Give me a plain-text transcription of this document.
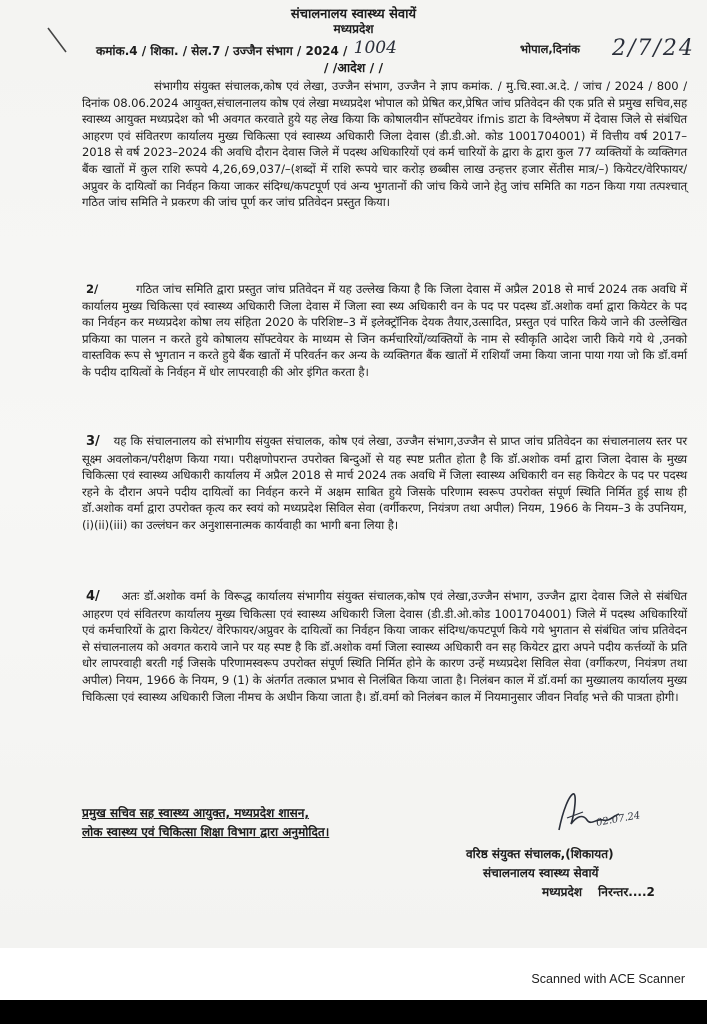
संचालनालय स्वास्थ्य सेवायें
मध्यप्रदेश
कमांक.4 / शिका. / सेल.7 / उज्जैन संभाग / 2024 / 1004	भोपाल,दिनांक 2/7/24
/ /आदेश / /
संभागीय संयुक्त संचालक,कोष एवं लेखा, उज्जैन संभाग, उज्जैन ने ज्ञाप कमांक. / मु.चि.स्वा.अ.दे. / जांच / 2024 / 800 / दिनांक 08.06.2024 आयुक्त,संचालनालय कोष एवं लेखा मध्यप्रदेश भोपाल को प्रेषित कर,प्रेषित जांच प्रतिवेदन की एक प्रति से प्रमुख सचिव,सह स्वास्थ्य आयुक्त मध्यप्रदेश को भी अवगत करवाते हुये यह लेख किया कि कोषालयीन सॉफ्टवेयर ifmis डाटा के विश्लेषण में देवास जिले से संबंधित आहरण एवं संवितरण कार्यालय मुख्य चिकित्सा एवं स्वास्थ्य अधिकारी जिला देवास (डी.डी.ओ. कोड 1001704001) में वित्तीय वर्ष 2017–2018 से वर्ष 2023–2024 की अवधि दौरान देवास जिले में पदस्थ अधिकारियों एवं कर्म चारियों के द्वारा के द्वारा कुल 77 व्यक्तियों के व्यक्तिगत बैंक खातों में कुल राशि रूपये 4,26,69,037/–(शब्दों में राशि रूपये चार करोड़ छब्बीस लाख उन्हत्तर हजार सेंतीस मात्र/–) कियेटर/वेरिफायर/अप्रुवर के दायित्वों का निर्वहन किया जाकर संदिग्ध/कपटपूर्ण एवं अन्य भुगतानों की जांच किये जाने हेतु जांच समिति का गठन किया गया तत्पश्चात् गठित जांच समिति ने प्रकरण की जांच पूर्ण कर जांच प्रतिवेदन प्रस्तुत किया।
2/	गठित जांच समिति द्वारा प्रस्तुत जांच प्रतिवेदन में यह उल्लेख किया है कि जिला देवास में अप्रैल 2018 से मार्च 2024 तक अवधि में कार्यालय मुख्य चिकित्सा एवं स्वास्थ्य अधिकारी जिला देवास में जिला स्वा स्थ्य अधिकारी वन के पद पर पदस्थ डॉ.अशोक वर्मा द्वारा कियेटर के पद का निर्वहन कर मध्यप्रदेश कोषा लय संहिता 2020 के परिशिष्ट–3 में इलेक्ट्रॉनिक देयक तैयार,उत्सादित, प्रस्तुत एवं पारित किये जाने की उल्लेखित प्रकिया का पालन न करते हुये कोषालय सॉफ्टवेयर के माध्यम से जिन कर्मचारियों/व्यक्तियों के नाम से स्वीकृति आदेश जारी किये गये थे ,उनको वास्तविक रूप से भुगतान न करते हुये बैंक खातों में परिवर्तन कर अन्य के व्यक्तिगत बैंक खातों में राशियाँ जमा किया जाना पाया गया जो कि डॉ.वर्मा के पदीय दायित्वों के निर्वहन में धोर लापरवाही की ओर इंगित करता है।
3/ यह कि संचालनालय को संभागीय संयुक्त संचालक, कोष एवं लेखा, उज्जैन संभाग,उज्जैन से प्राप्त जांच प्रतिवेदन का संचालनालय स्तर पर सूक्ष्म अवलोकन/परीक्षण किया गया। परीक्षणोपरान्त उपरोक्त बिन्दुओं से यह स्पष्ट प्रतीत होता है कि डॉ.अशोक वर्मा द्वारा जिला देवास के मुख्य चिकित्सा एवं स्वास्थ्य अधिकारी कार्यालय में अप्रैल 2018 से मार्च 2024 तक अवधि में जिला स्वास्थ्य अधिकारी वन सह कियेटर के पद पर पदस्थ रहने के दौरान अपने पदीय दायित्वों का निर्वहन करने में अक्षम साबित हुये जिसके परिणाम स्वरूप उपरोक्त संपूर्ण स्थिति निर्मित हुई साथ ही डॉ.अशोक वर्मा द्वारा उपरोक्त कृत्य कर स्वयं को मध्यप्रदेश सिविल सेवा (वर्गीकरण, नियंत्रण तथा अपील) नियम, 1966 के नियम–3 के उपनियम, (i)(ii)(iii) का उल्लंघन कर अनुशासनात्मक कार्यवाही का भागी बना लिया है।
4/ अतः डॉ.अशोक वर्मा के विरूद्ध कार्यालय संभागीय संयुक्त संचालक,कोष एवं लेखा,उज्जैन संभाग, उज्जैन द्वारा देवास जिले से संबंधित आहरण एवं संवितरण कार्यालय मुख्य चिकित्सा एवं स्वास्थ्य अधिकारी जिला देवास (डी.डी.ओ.कोड 1001704001) जिले में पदस्थ अधिकारियों एवं कर्मचारियों के द्वारा कियेटर/ वेरिफायर/अप्रुवर के दायित्वों का निर्वहन किया जाकर संदिग्ध/कपटपूर्ण किये गये भुगतान से संबंधित जांच प्रतिवेदन से संचालनालय को अवगत कराये जाने पर यह स्पष्ट है कि डॉ.अशोक वर्मा जिला स्वास्थ्य अधिकारी वन सह कियेटर द्वारा अपने पदीय कर्त्तव्यों के प्रति धोर लापरवाही बरती गई जिसके परिणामस्वरूप उपरोक्त संपूर्ण स्थिति निर्मित होने के कारण उन्हें मध्यप्रदेश सिविल सेवा (वर्गीकरण, नियंत्रण तथा अपील) नियम, 1966 के नियम, 9 (1) के अंतर्गत तत्काल प्रभाव से निलंबित किया जाता है। निलंबन काल में डॉ.वर्मा का मुख्यालय कार्यालय मुख्य चिकित्सा एवं स्वास्थ्य अधिकारी जिला नीमच के अधीन किया जाता है। डॉ.वर्मा को निलंबन काल में नियमानुसार जीवन निर्वाह भत्ते की पात्रता होगी।
प्रमुख सचिव सह स्वास्थ्य आयुक्त, मध्यप्रदेश शासन,
लोक स्वास्थ्य एवं चिकित्सा शिक्षा विभाग द्वारा अनुमोदित।
02.07.24
वरिष्ठ संयुक्त संचालक,(शिकायत)
संचालनालय स्वास्थ्य सेवायें
मध्यप्रदेश निरन्तर....2
Scanned with ACE Scanner
